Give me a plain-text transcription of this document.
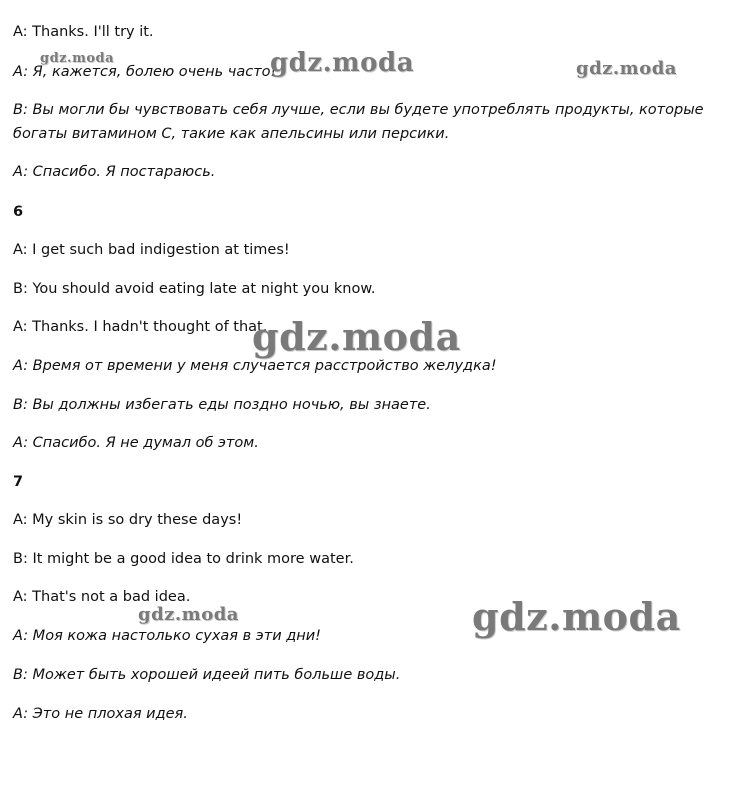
A: Thanks. I'll try it.
A: Я, кажется, болею очень часто!
B: Вы могли бы чувствовать себя лучше, если вы будете употреблять продукты, которые богаты витамином С, такие как апельсины или персики.
A: Спасибо. Я постараюсь.
6
A: I get such bad indigestion at times!
B: You should avoid eating late at night you know.
A: Thanks. I hadn't thought of that.
A: Время от времени у меня случается расстройство желудка!
B: Вы должны избегать еды поздно ночью, вы знаете.
A: Спасибо. Я не думал об этом.
7
A: My skin is so dry these days!
B: It might be a good idea to drink more water.
A: That's not a bad idea.
A: Моя кожа настолько сухая в эти дни!
B: Может быть хорошей идеей пить больше воды.
A: Это не плохая идея.
gdz.moda	gdz.moda	gdz.moda
gdz.moda
gdz.moda	gdz.moda
